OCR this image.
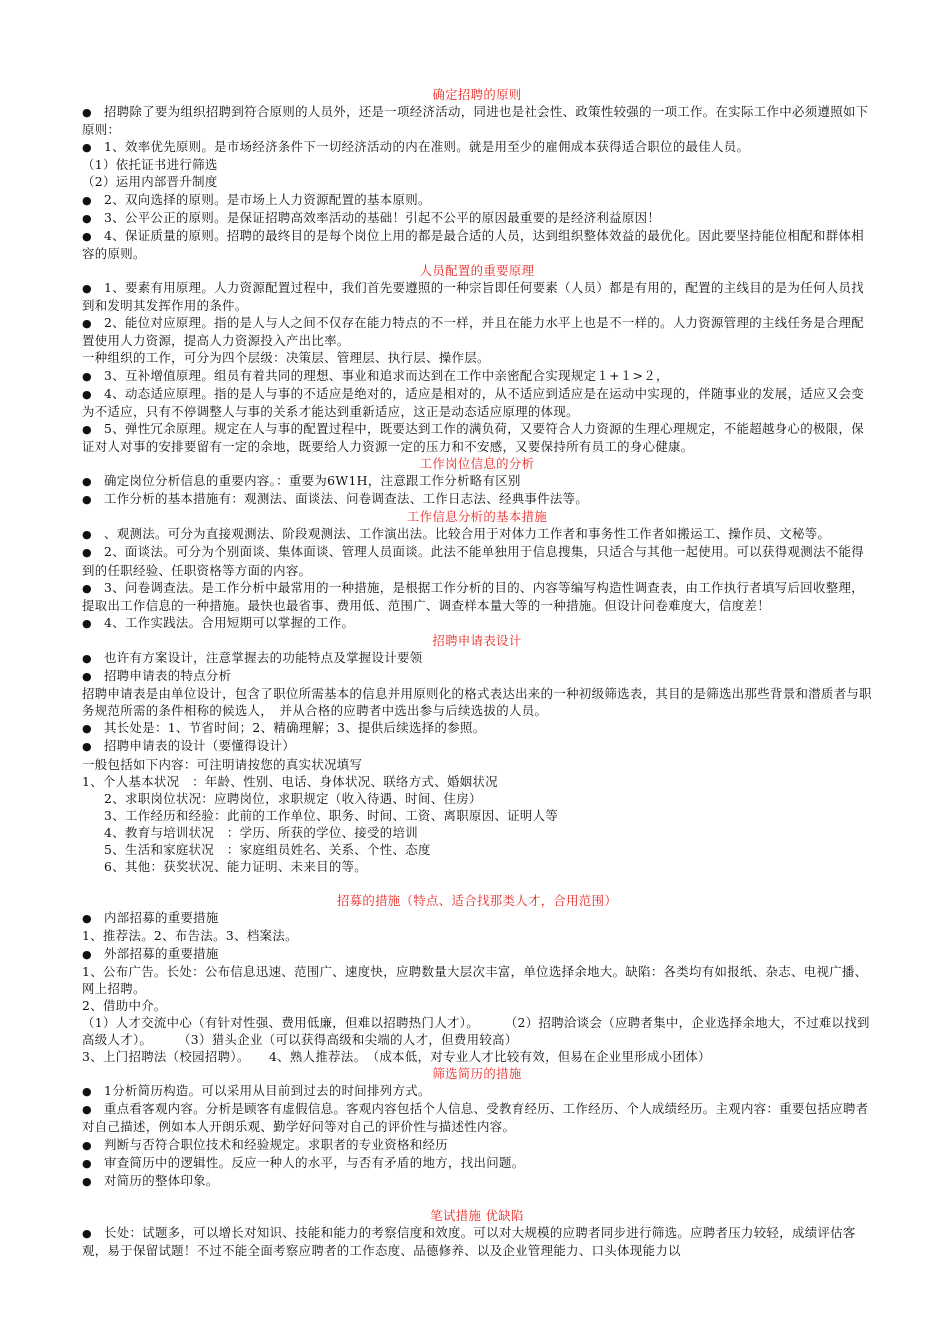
确定招聘的原则
● 招聘除了要为组织招聘到符合原则的人员外，还是一项经济活动，同进也是社会性、政策性较强的一项工作。在实际工作中必须遵照如下原则：
● 1、效率优先原则。是市场经济条件下一切经济活动的内在准则。就是用至少的雇佣成本获得适合职位的最佳人员。
（1）依托证书进行筛选
（2）运用内部晋升制度
● 2、双向选择的原则。是市场上人力资源配置的基本原则。
● 3、公平公正的原则。是保证招聘高效率活动的基础！引起不公平的原因最重要的是经济利益原因！
● 4、保证质量的原则。招聘的最终目的是每个岗位上用的都是最合适的人员，达到组织整体效益的最优化。因此要坚持能位相配和群体相容的原则。
人员配置的重要原理
● 1、要素有用原理。人力资源配置过程中，我们首先要遵照的一种宗旨即任何要素（人员）都是有用的，配置的主线目的是为任何人员找到和发明其发挥作用的条件。
● 2、能位对应原理。指的是人与人之间不仅存在能力特点的不一样，并且在能力水平上也是不一样的。人力资源管理的主线任务是合理配置使用人力资源，提高人力资源投入产出比率。
一种组织的工作，可分为四个层级：决策层、管理层、执行层、操作层。
● 3、互补增值原理。组员有着共同的理想、事业和追求而达到在工作中亲密配合实现规定１+１>２，
● 4、动态适应原理。指的是人与事的不适应是绝对的，适应是相对的，从不适应到适应是在运动中实现的，伴随事业的发展，适应又会变为不适应，只有不停调整人与事的关系才能达到重新适应，这正是动态适应原理的体现。
● 5、弹性冗余原理。规定在人与事的配置过程中，既要达到工作的满负荷，又要符合人力资源的生理心理规定，不能超越身心的极限，保证对人对事的安排要留有一定的余地，既要给人力资源一定的压力和不安感，又要保持所有员工的身心健康。
工作岗位信息的分析
● 确定岗位分析信息的重要内容。：重要为6W1H，注意跟工作分析略有区别
● 工作分析的基本措施有：观测法、面谈法、问卷调查法、工作日志法、经典事件法等。
工作信息分析的基本措施
● 、观测法。可分为直接观测法、阶段观测法、工作演出法。比较合用于对体力工作者和事务性工作者如搬运工、操作员、文秘等。
● 2、面谈法。可分为个别面谈、集体面谈、管理人员面谈。此法不能单独用于信息搜集，只适合与其他一起使用。可以获得观测法不能得到的任职经验、任职资格等方面的内容。
● 3、问卷调查法。是工作分析中最常用的一种措施，是根据工作分析的目的、内容等编写构造性调查表，由工作执行者填写后回收整理，提取出工作信息的一种措施。最快也最省事、费用低、范围广、调查样本量大等的一种措施。但设计问卷难度大，信度差！
● 4、工作实践法。合用短期可以掌握的工作。
招聘申请表设计
● 也许有方案设计，注意掌握去的功能特点及掌握设计要领
● 招聘申请表的特点分析
招聘申请表是由单位设计，包含了职位所需基本的信息并用原则化的格式表达出来的一种初级筛选表，其目的是筛选出那些背景和潜质者与职务规范所需的条件相称的候选人，　并从合格的应聘者中选出参与后续选拔的人员。
● 其长处是：1、节省时间；2、精确理解；3、提供后续选择的参照。
● 招聘申请表的设计（要懂得设计）
一般包括如下内容：可注明请按您的真实状况填写
1、个人基本状况　：年龄、性别、电话、身体状况、联络方式、婚姻状况
2、求职岗位状况：应聘岗位，求职规定（收入待遇、时间、住房）
3、工作经历和经验：此前的工作单位、职务、时间、工资、离职原因、证明人等
4、教育与培训状况　：学历、所获的学位、接受的培训
5、生活和家庭状况　：家庭组员姓名、关系、个性、态度
6、其他：获奖状况、能力证明、未来目的等。
招募的措施（特点、适合找那类人才，合用范围）
● 内部招募的重要措施
1、推荐法。2、布告法。3、档案法。
● 外部招募的重要措施
1、公布广告。长处：公布信息迅速、范围广、速度快，应聘数量大层次丰富，单位选择余地大。缺陷：各类均有如报纸、杂志、电视广播、网上招聘。
2、借助中介。
（1）人才交流中心（有针对性强、费用低廉，但难以招聘热门人才）。　　　（2）招聘洽谈会（应聘者集中，企业选择余地大，不过难以找到高级人才）。　　　（3）猎头企业（可以获得高级和尖端的人才，但费用较高）
3、上门招聘法（校园招聘）。　　4、熟人推荐法。　（成本低，对专业人才比较有效，但易在企业里形成小团体）
筛选简历的措施
● 1分析简历构造。可以采用从目前到过去的时间排列方式。
● 重点看客观内容。分析是顾客有虚假信息。客观内容包括个人信息、受教育经历、工作经历、个人成绩经历。主观内容：重要包括应聘者对自己描述，例如本人开朗乐观、勤学好问等对自己的评价性与描述性内容。
● 判断与否符合职位技术和经验规定。求职者的专业资格和经历
● 审查简历中的逻辑性。反应一种人的水平，与否有矛盾的地方，找出问题。
● 对简历的整体印象。
笔试措施 优缺陷
● 长处：试题多，可以增长对知识、技能和能力的考察信度和效度。可以对大规模的应聘者同步进行筛选。应聘者压力较轻，成绩评估客观，易于保留试题！不过不能全面考察应聘者的工作态度、品德修养、以及企业管理能力、口头体现能力以
